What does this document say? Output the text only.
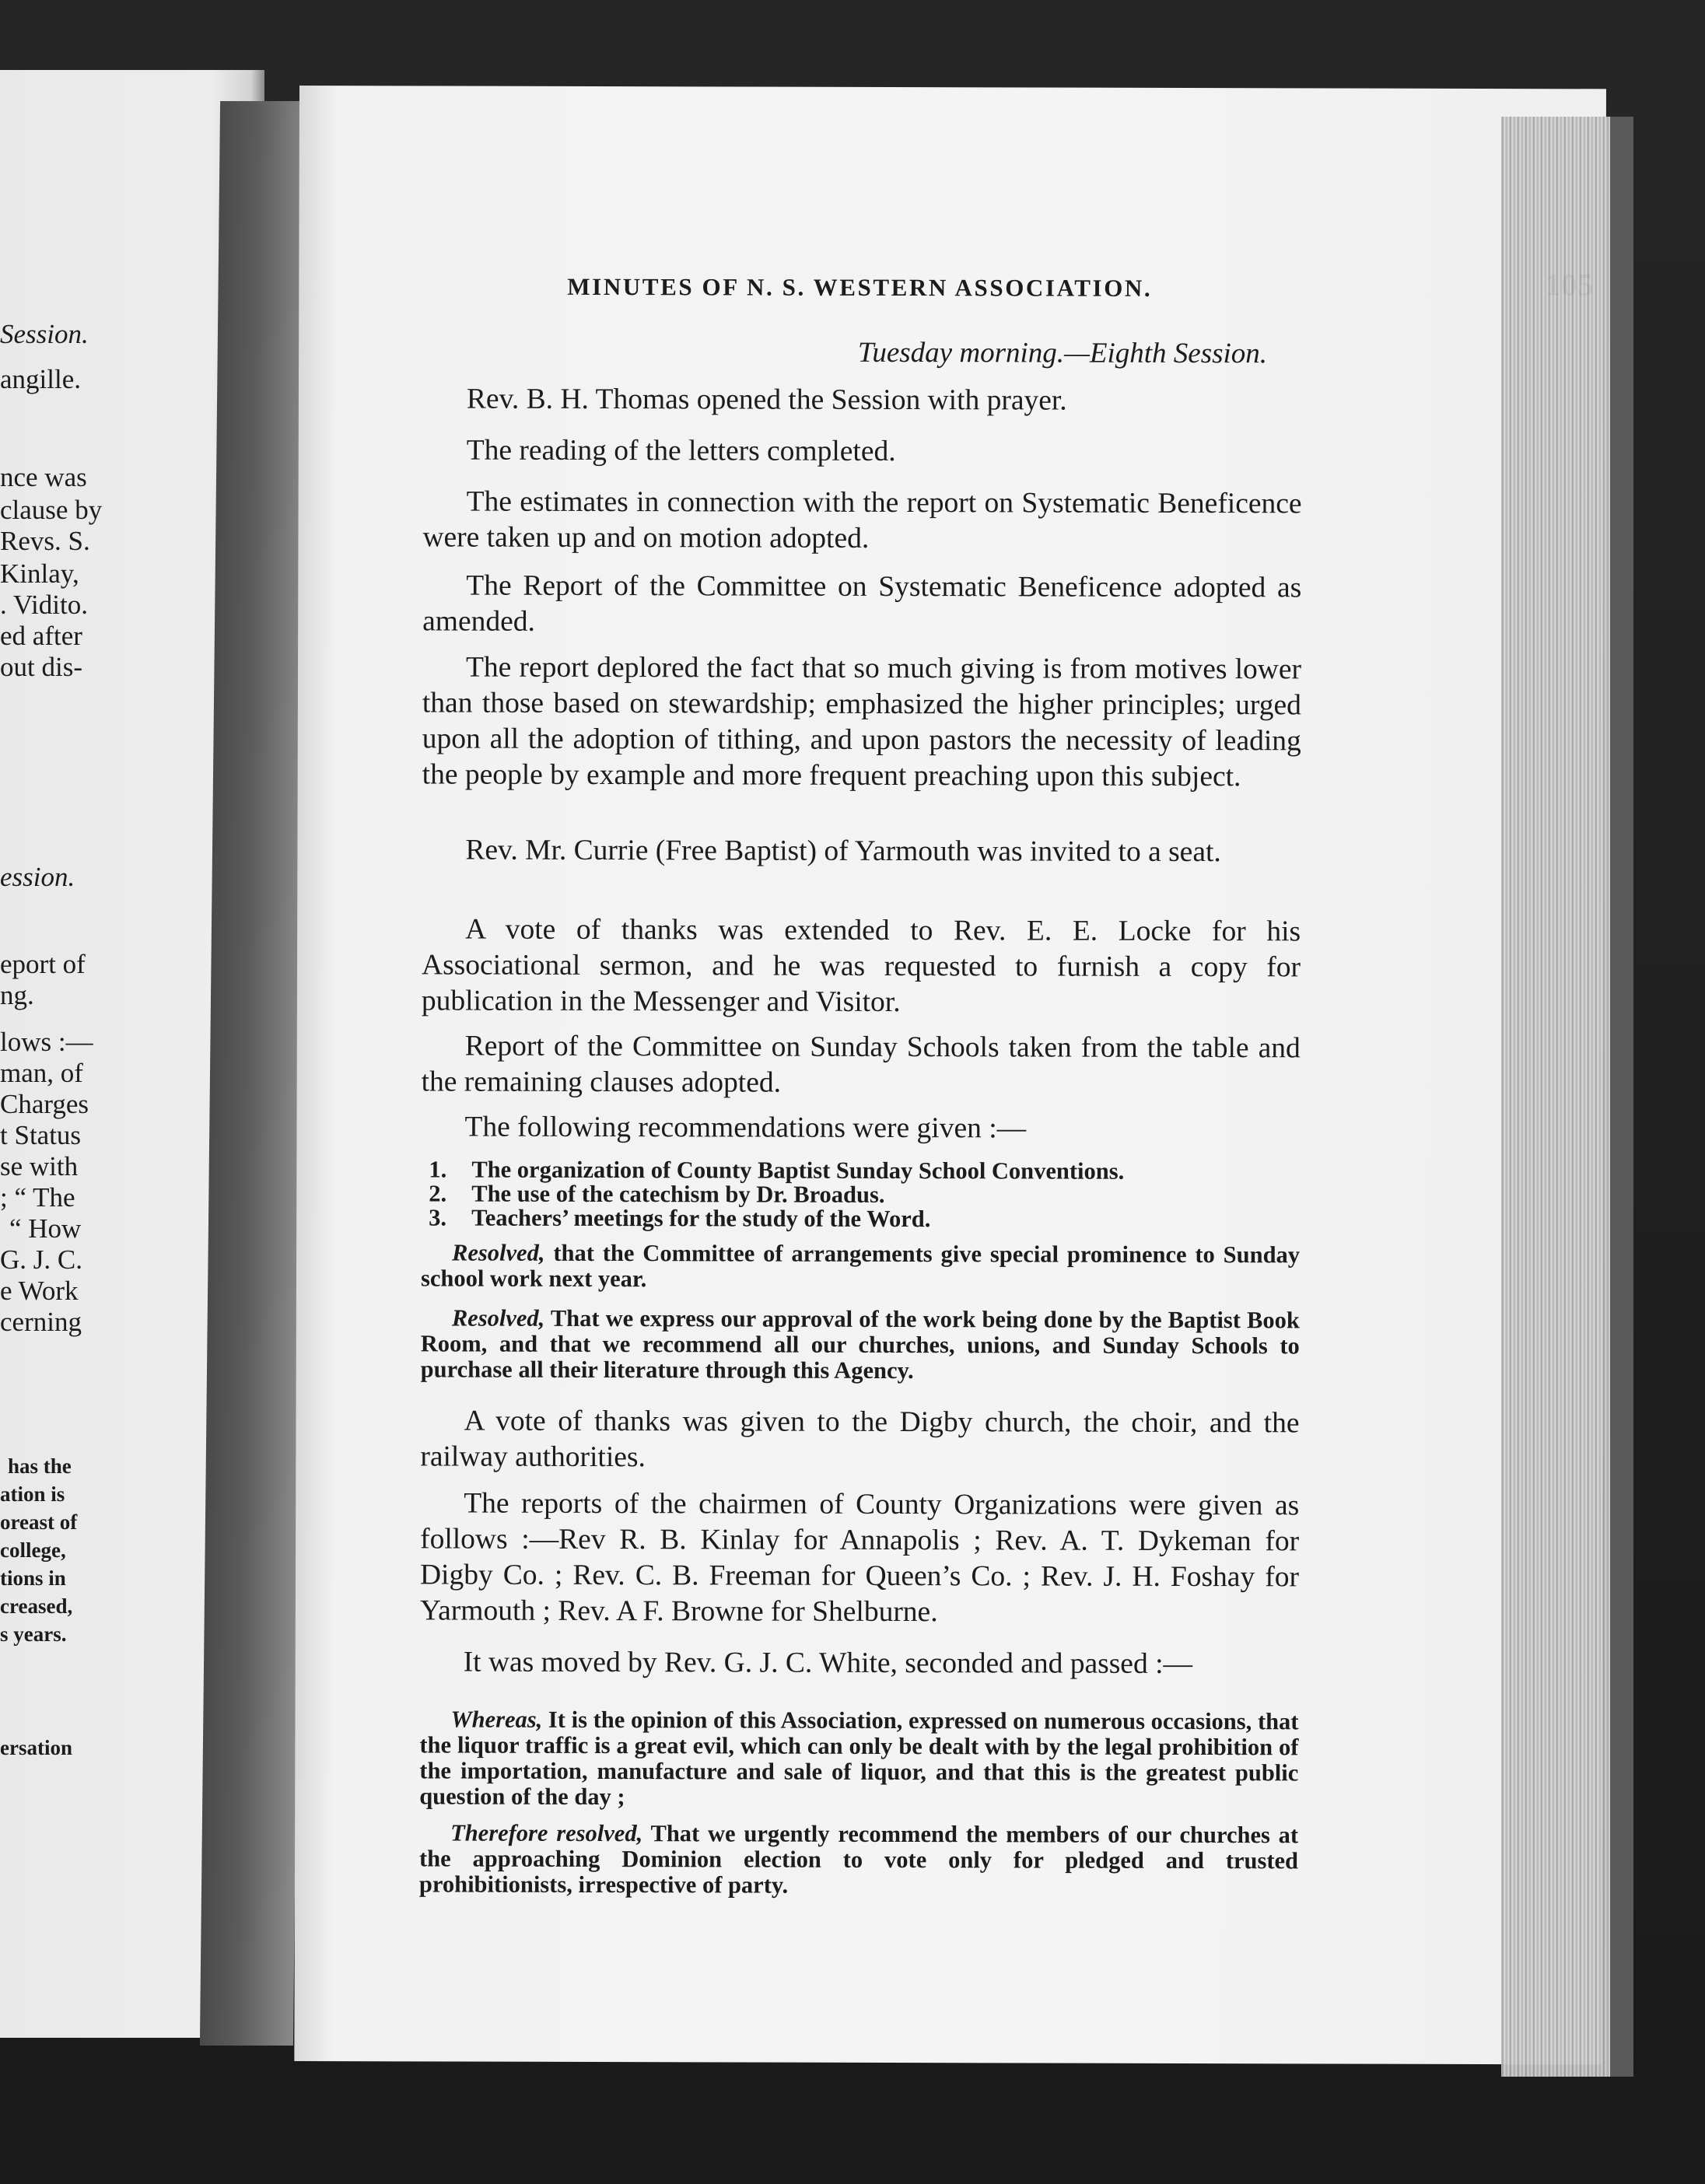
Session.
angille.
nce was
clause by
Revs. S.
Kinlay,
. Vidito.
ed after
out dis-
ession.
eport of
ng.
lows :—
man, of
Charges
t Status
se with
; “ The
“ How
G. J. C.
e Work
cerning
has the
ation is
oreast of
college,
tions in
creased,
s years.
ersation
MINUTES OF N. S. WESTERN ASSOCIATION.
Tuesday morning.—Eighth Session.
Rev. B. H. Thomas opened the Session with prayer.
The reading of the letters completed.
The estimates in connection with the report on Systematic Beneficence were taken up and on motion adopted.
The Report of the Committee on Systematic Beneficence adopted as amended.
The report deplored the fact that so much giving is from motives lower than those based on stewardship; emphasized the higher principles; urged upon all the adoption of tithing, and upon pastors the necessity of leading the people by example and more frequent preaching upon this subject.
Rev. Mr. Currie (Free Baptist) of Yarmouth was invited to a seat.
A vote of thanks was extended to Rev. E. E. Locke for his Associational sermon, and he was requested to furnish a copy for publication in the Messenger and Visitor.
Report of the Committee on Sunday Schools taken from the table and the remaining clauses adopted.
The following recommendations were given :—
1.	The organization of County Baptist Sunday School Conventions.
2.	The use of the catechism by Dr. Broadus.
3.	Teachers’ meetings for the study of the Word.
Resolved, that the Committee of arrangements give special prominence to Sunday school work next year.
Resolved, That we express our approval of the work being done by the Baptist Book Room, and that we recommend all our churches, unions, and Sunday Schools to purchase all their literature through this Agency.
A vote of thanks was given to the Digby church, the choir, and the railway authorities.
The reports of the chairmen of County Organizations were given as follows :—Rev R. B. Kinlay for Annapolis ; Rev. A. T. Dykeman for Digby Co. ; Rev. C. B. Freeman for Queen’s Co. ; Rev. J. H. Foshay for Yarmouth ; Rev. A F. Browne for Shelburne.
It was moved by Rev. G. J. C. White, seconded and passed :—
Whereas, It is the opinion of this Association, expressed on numerous occasions, that the liquor traffic is a great evil, which can only be dealt with by the legal prohibition of the importation, manufacture and sale of liquor, and that this is the greatest public question of the day ;
Therefore resolved, That we urgently recommend the members of our churches at the approaching Dominion election to vote only for pledged and trusted prohibitionists, irrespective of party.
